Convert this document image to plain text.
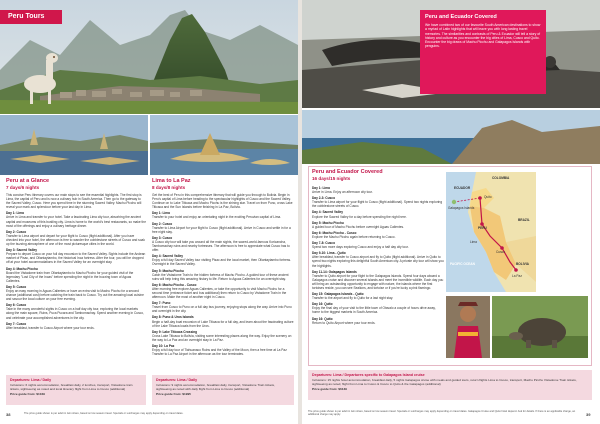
Peru Tours
Peru at a Glance
7 days/6 nights

This concise Peru itinerary covers our main stops to see the essential highlights. The first stop is Lima, the capital of Peru and is now a culinary hub in South America. Then go to the gateway to the Sacred Valley, Cusco. Here you spend time in the stunning Sacred Valley. Machu Picchu will reveal your mark and splendour before your last day in Lima.

Day 1: Lima

Arrive in Lima and transfer to your hotel. Take a fascinating Lima city tour, absorbing the ancient capital and museums of this bustling city. Lima is home to the world's best restaurants, so make the most of the offerings and enjoy a culinary heritage dinner.

Day 2: Cusco

Transfer to Lima airport and depart for your flight to Cusco (flight additional). After you have checked into your hotel, the afternoon is free to wander the cobblestone streets of Cusco and soak up the buzzing atmosphere of one of the most picturesque cities in the world.

Day 3: Sacred Valley

Prepare to depart Cusco on your full day excursion to the Sacred Valley. Sights include the Andean market of Pisac, and Ollantaytambo, the historical Inca fortress. After the tour, you will be dropped off at your hotel accommodations in the Sacred Valley for an overnight stay.

Day 4: Machu Picchu

Board the Vistadome train from Ollantaytambo to Machu Picchu for your guided visit of the legendary "Lost City of the Incas" before spending the night in the buzzing town of Aguas Calientes.

Day 5: Cusco

Enjoy an easy morning in Aguas Calientes or have an extra visit to Machu Picchu for a second chance (additional cost) before catching the train back to Cusco. Try out the amazing local cuisine and savour the local culture on your free evening.

Day 6: Cusco

Take in the many wonderful sights in Cusco on a half day city tour, exploring the local markets along the main square, Ruins, Puca Pucara and Tambomachay. Spend another evening in Cusco, and celebrate your accomplished adventures in the city.

Day 7: Cusco

After breakfast, transfer to Cusco Airport where your tour ends.

Departures: Lima / Daily
Inclusions: 6 nights accommodation, breakfast daily, 2 lunches, transport, Vistadome train tickets, sightseeing as noted and local itinerary flight from Lima to Cusco (additional)
Price guide from: $1049
Lima to La Paz
8 days/8 nights

Get the best of Peru in this comprehensive itinerary that will guide you through to Bolivia. Begin in Peru's capital of Lima before heading to the spectacular highlights of Cusco and the Sacred Valley. Continue on to Lake Titicaca and Machu Picchu is the shining star. Travel on from Puno, cross Lake Titicaca and the Sun Islands before finishing in La Paz, Bolivia.

Day 1: Lima

Transfer to your hotel and enjoy an orientating night in the exciting Peruvian capital of Lima.

Day 2: Cusco

Transfer to Lima Airport for your flight to Cusco (flight additional). Arrive in Cusco and settle in for a free night stay.

Day 3: Cusco

A Cusco city tour will take you around all the main sights, the sacred-world-famous Koricancha, Tambomachay ruins and nearby fortresses. The afternoon is free to appreciate what Cusco has to offer.

Day 4: Sacred Valley

Enjoy a full day Sacred Valley tour visiting Pisac and the local market, then Ollantaytambo fortress. Overnight in the Sacred Valley.

Day 5: Machu Picchu

Catch the Vistadome Train to the hidden fortress of Machu Picchu. A guided tour of these ancient ruins will help bring this amazing history to life. Return to Aguas Calientes for an overnight stay.

Day 6: Machu Picchu - Cusco

After morning free explore Aguas Calientes, or take the opportunity to visit Machu Picchu for a second time (entrance ticket and bus additional) then return to Cusco by Vistadome Train in the afternoon. Make the most of another night in Cusco.

Day 7: Puno

Travel from Cusco to Puno on a full day bus journey, enjoying stops along the way. Arrive into Puno and overnight in the city.

Day 8: Puno & Uros Islands

Begin a half-day boat excursion of Lake Titicaca for a full day, and learn about the fascinating culture of the Lake Titicaca locals from the Uros.

Day 9: Lake Titicaca Crossing

Cross Lake Titicaca to Bolivia, visiting some interesting places along the way. Enjoy the scenery on the way to La Paz and an overnight stay in La Paz.

Day 10: La Paz

Enjoy a full day tour of Tiahuanaco Ruins and the Valley of the Moon, then a free time at La Paz Transfer to La Paz Airport in the afternoon as the tour terminates.

Departures: Lima / Daily
Inclusions: 9 nights accommodation, breakfast daily, transport, Vistadome Train tickets, sightseeing as noted with daily flight from Lima to Cusco (additional)
Price guide from: $1995
38	The price guide shown is per adult in twin share, based on low season travel. Specials or surcharges may apply depending on travel dates.
Peru and Ecuador Covered
We have combined two of our favourite South American destinations to show a myriad of Latin highlights that will leave you with long lasting travel memories. The similarities and contrasts of Peru & Ecuador will tell a story of history and culture as you encounter the big cities of Lima, Cusco and Quito. Encounter the big draws of Machu Picchu and Galapagos Islands with penguins.
Peru and Ecuador Covered
16 days/15 nights
Day 1: Lima

Arrive in Lima. Enjoy an afternoon city tour.

Day 2-3: Cusco

Transfer to Lima airport for your flight to Cusco (flight additional). Spend two nights exploring the cobblestone streets of Cusco.

Day 4: Sacred Valley

Explore the Sacred Valley for a day before spending the night here.

Day 5: Machu Picchu

A guided tour of Machu Picchu before overnight Aguas Calientes.

Day 6: Machu Picchu - Cusco

Explore the Machu Picchu again before returning to Cusco.

Day 7-8: Cusco

Spend two more days exploring Cusco and enjoy a half day city tour.

Day 9-10: Lima - Quito

After breakfast, transfer to Cusco airport and fly to Quito (flight additional). Arrive in Quito to spend two nights exploring this delightful South American city. A private city tour will show you the highlights.

Day 11-14: Galapagos Islands

Transfer to Quito airport for your flight to the Galapagos Islands. Spend four days aboard a Galapagos cruise and discover several islands and meet the incredible wildlife. Each day you will bring an outstanding opportunity to engage with nature, the islands where the first tortoises reside, you can see Sealions, and tortoise or if you're lucky a pink flamingo.

Day 15: Galapagos Islands - Quito

Transfer to the airport and fly to Quito for a last night stay.

Day 16: Quito

Enjoy the final day of your visit to the little town of Otavalo a couple of hours drive away, home to the biggest markets in South America.

Day 16: Quito

Return to Quito Airport where your tour ends.

COLOMBIA
ECUADOR
Quito
Galapagos Islands
PERU
Lima
PACIFIC OCEAN	BOLIVIA
La Paz
Cusco
BRAZIL
Departures: Lima / Departures specific to Galapagos Island cruise
Inclusions: 15 nights hotel accommodation, breakfast daily, 5 nights Galapagos cruise with meals and guided tours, return flights Lima to Cusco, transport, Machu Picchu Vistadome Train tickets, sightseeing as noted, flight from Lima to Cusco & Cusco to Quito & the Galapagos (additional)
Price guide from: $6139
The price guide shown is per adult in twin share, based on low season travel. Specials or surcharges may apply depending on travel dates. Galapagos Cruise and Quito hotel depend. Ask for details. If there is an applicable charge, an additional charge may apply.	39
